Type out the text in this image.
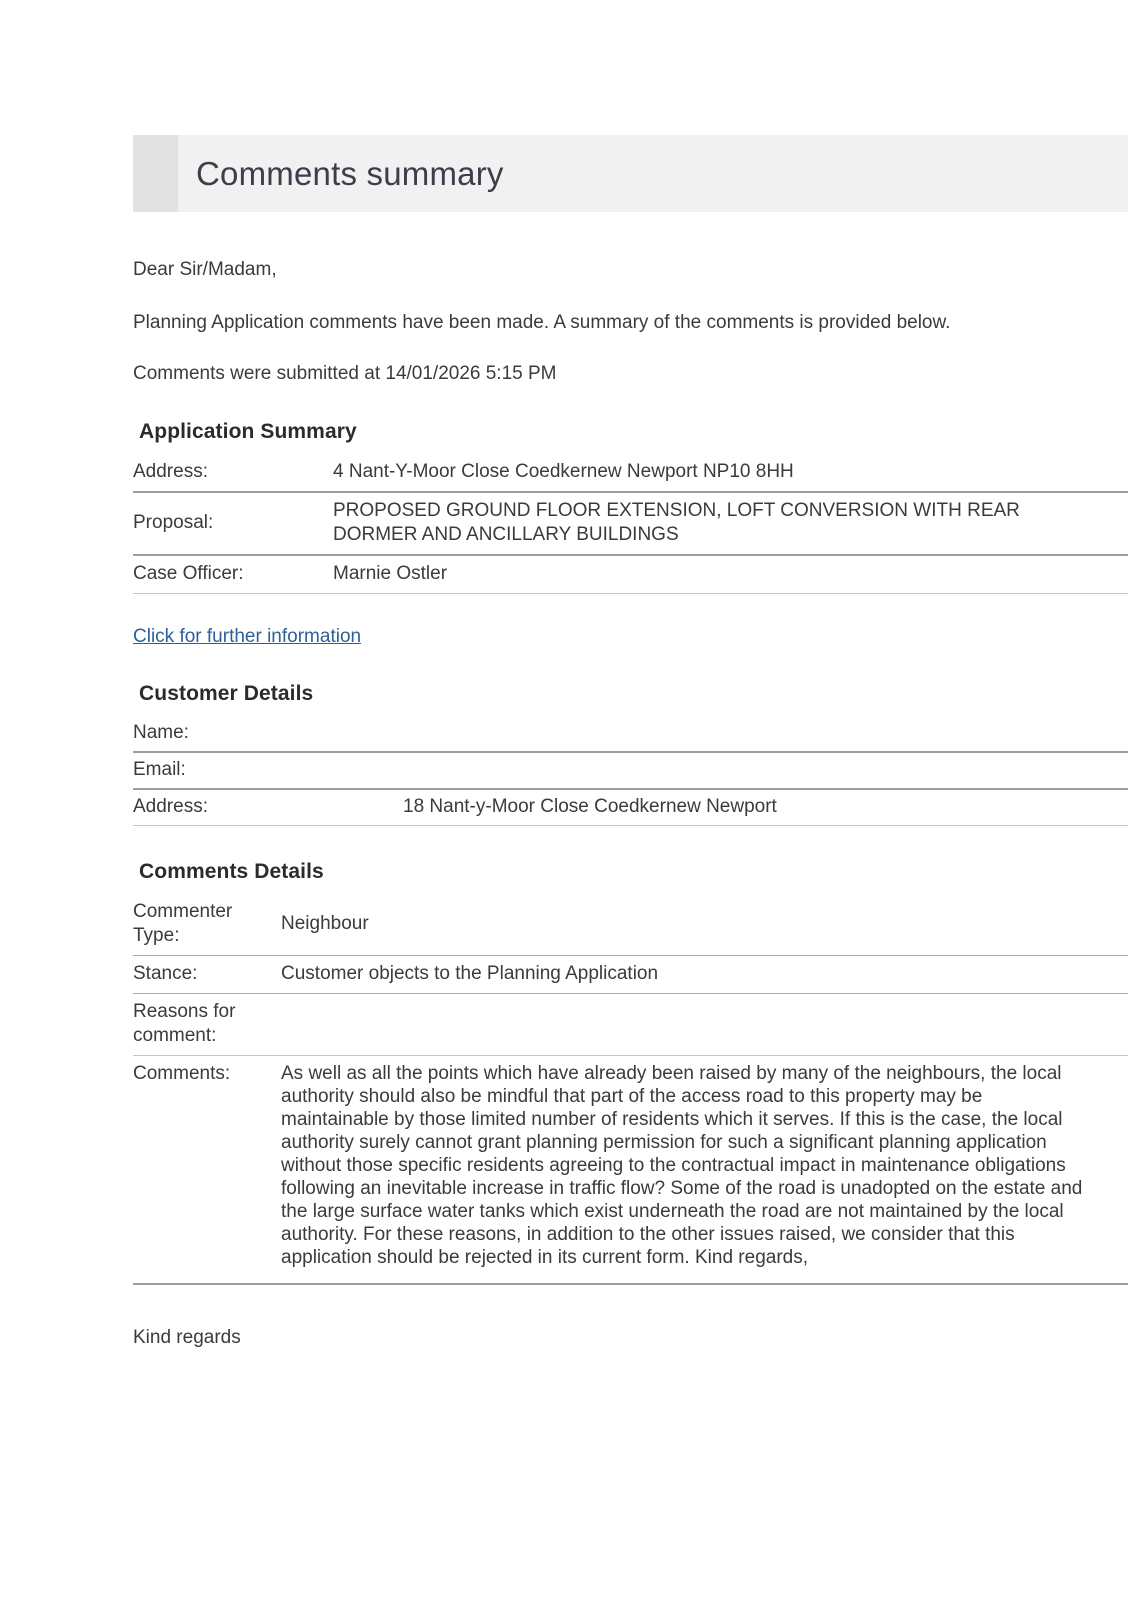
Comments summary
Dear Sir/Madam,
Planning Application comments have been made. A summary of the comments is provided below.
Comments were submitted at 14/01/2026 5:15 PM
Application Summary
Address:	4 Nant-Y-Moor Close Coedkernew Newport NP10 8HH
Proposal:
PROPOSED GROUND FLOOR EXTENSION, LOFT CONVERSION WITH REAR DORMER AND ANCILLARY BUILDINGS
Case Officer:	Marnie Ostler
Click for further information
Customer Details
Name:
Email:
Address:	18 Nant-y-Moor Close Coedkernew Newport
Comments Details
Commenter Type:
Neighbour
Stance:	Customer objects to the Planning Application
Reasons for comment:
Comments:	As well as all the points which have already been raised by many of the neighbours, the local authority should also be mindful that part of the access road to this property may be maintainable by those limited number of residents which it serves. If this is the case, the local authority surely cannot grant planning permission for such a significant planning application without those specific residents agreeing to the contractual impact in maintenance obligations following an inevitable increase in traffic flow? Some of the road is unadopted on the estate and the large surface water tanks which exist underneath the road are not maintained by the local authority. For these reasons, in addition to the other issues raised, we consider that this application should be rejected in its current form. Kind regards,
Kind regards
